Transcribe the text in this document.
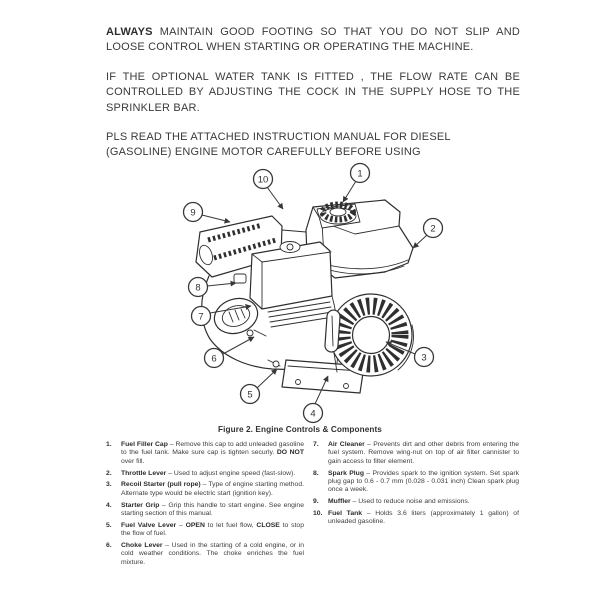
ALWAYS MAINTAIN GOOD FOOTING SO THAT YOU DO NOT SLIP AND LOOSE CONTROL WHEN STARTING OR OPERATING THE MACHINE.

IF THE OPTIONAL WATER TANK IS FITTED , THE FLOW RATE CAN BE CONTROLLED BY ADJUSTING THE COCK IN THE SUPPLY HOSE TO THE SPRINKLER BAR.

PLS READ THE ATTACHED INSTRUCTION MANUAL FOR DIESEL (GASOLINE) ENGINE MOTOR CAREFULLY BEFORE USING

1
10
9
2
8
7
6
5
4
3
Figure 2. Engine Controls & Components
1.	Fuel Filler Cap – Remove this cap to add unleaded gasoline to the fuel tank. Make sure cap is tighten securly. DO NOT over fill.
2.	Throttle Lever – Used to adjust engine speed (fast-slow).
3.	Recoil Starter (pull rope) – Type of engine starting method. Alternate type would be electric start (ignition key).
4.	Starter Grip – Grip this handle to start engine. See engine starting section of this manual.
5.	Fuel Valve Lever – OPEN to let fuel flow, CLOSE to stop the flow of fuel.
6.	Choke Lever – Used in the starting of a cold engine, or in cold weather conditions. The choke enriches the fuel mixture.
7.	Air Cleaner – Prevents dirt and other debris from entering the fuel system. Remove wing-nut on top of air filter cannister to gain access to filter element.
8.	Spark Plug – Provides spark to the ignition system. Set spark plug gap to 0.6 - 0.7 mm (0.028 - 0.031 inch) Clean spark plug once a week.
9.	Muffler – Used to reduce noise and emissions.
10. Fuel Tank – Holds 3.6 liters (approximately 1 gallon) of unleaded gasoline.
